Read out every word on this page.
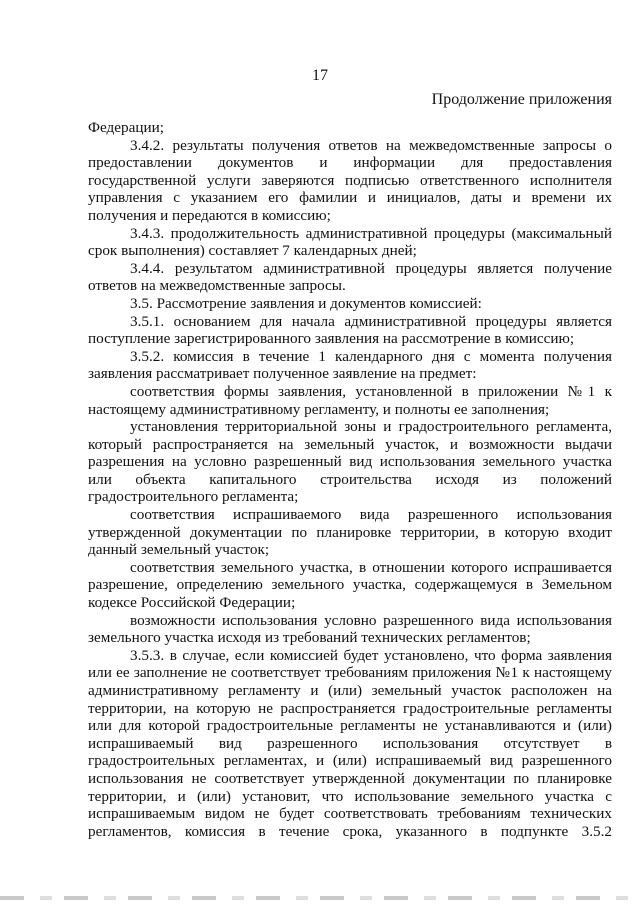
17
Продолжение приложения

Федерации;

3.4.2. результаты получения ответов на межведомственные запросы о предоставлении документов и информации для предоставления государственной услуги заверяются подписью ответственного исполнителя управления с указанием его фамилии и инициалов, даты и времени их получения и передаются в комиссию;

3.4.3. продолжительность административной процедуры (максимальный срок выполнения) составляет 7 календарных дней;

3.4.4. результатом административной процедуры является получение ответов на межведомственные запросы.

3.5. Рассмотрение заявления и документов комиссией:

3.5.1. основанием для начала административной процедуры является поступление зарегистрированного заявления на рассмотрение в комиссию;

3.5.2. комиссия в течение 1 календарного дня с момента получения заявления рассматривает полученное заявление на предмет:

соответствия формы заявления, установленной в приложении №1 к настоящему административному регламенту, и полноты ее заполнения;

установления территориальной зоны и градостроительного регламента, который распространяется на земельный участок, и возможности выдачи разрешения на условно разрешенный вид использования земельного участка или объекта капитального строительства исходя из положений градостроительного регламента;

соответствия испрашиваемого вида разрешенного использования утвержденной документации по планировке территории, в которую входит данный земельный участок;

соответствия земельного участка, в отношении которого испрашивается разрешение, определению земельного участка, содержащемуся в Земельном кодексе Российской Федерации;

возможности использования условно разрешенного вида использования земельного участка исходя из требований технических регламентов;

3.5.3. в случае, если комиссией будет установлено, что форма заявления или ее заполнение не соответствует требованиям приложения №1 к настоящему административному регламенту и (или) земельный участок расположен на территории, на которую не распространяется градостроительные регламенты или для которой градостроительные регламенты не устанавливаются и (или) испрашиваемый вид разрешенного использования отсутствует в градостроительных регламентах, и (или) испрашиваемый вид разрешенного использования не соответствует утвержденной документации по планировке территории, и (или) установит, что использование земельного участка с испрашиваемым видом не будет соответствовать требованиям технических регламентов, комиссия в течение срока, указанного в подпункте 3.5.2
